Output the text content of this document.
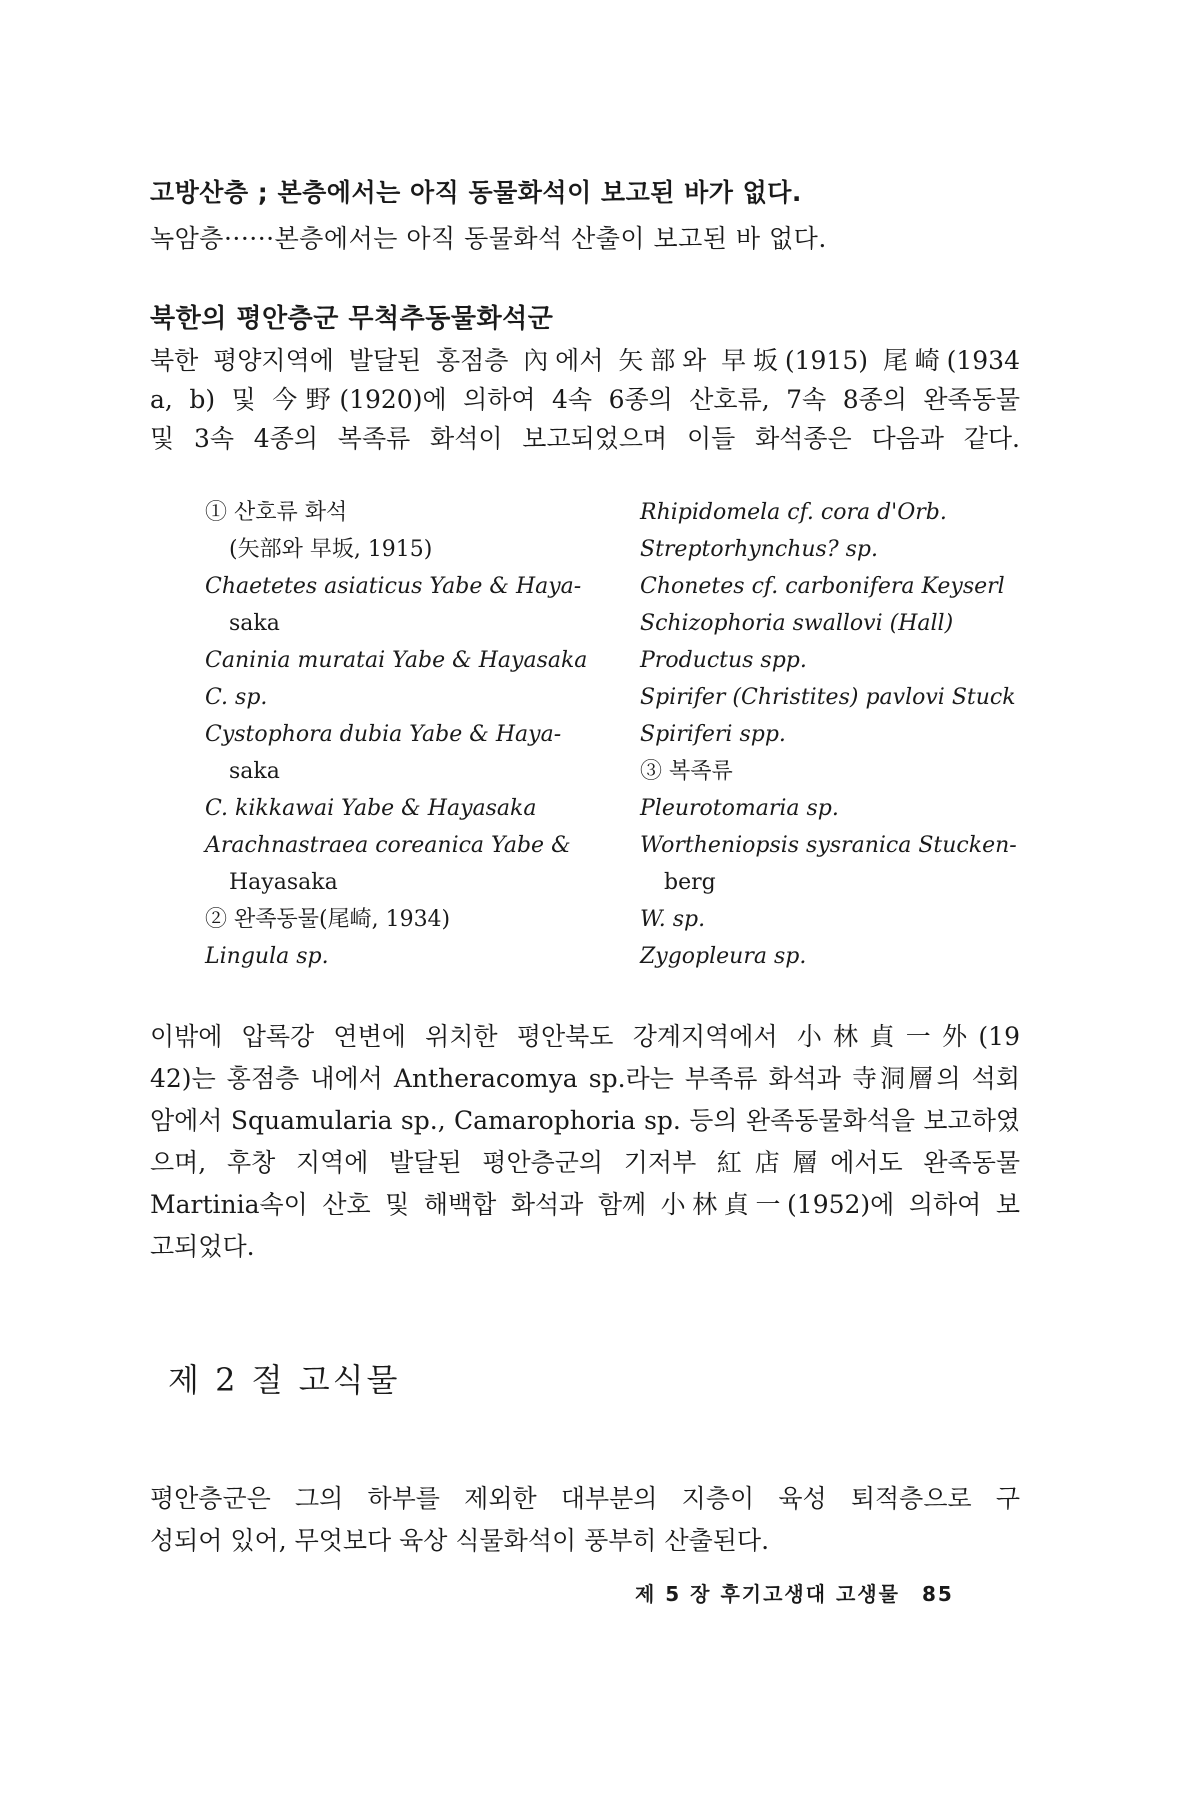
고방산층 ; 본층에서는 아직 동물화석이 보고된 바가 없다.
녹암층······본층에서는 아직 동물화석 산출이 보고된 바 없다.
북한의 평안층군 무척추동물화석군
북한 평양지역에 발달된 홍점층 內에서 矢部와 早坂(1915) 尾崎(1934
a, b) 및 今野(1920)에 의하여 4속 6종의 산호류, 7속 8종의 완족동물
및 3속 4종의 복족류 화석이 보고되었으며 이들 화석종은 다음과 같다.
① 산호류 화석
(矢部와 早坂, 1915)
Chaetetes asiaticus Yabe & Haya-
saka
Caninia muratai Yabe & Hayasaka
C. sp.
Cystophora dubia Yabe & Haya-
saka
C. kikkawai Yabe & Hayasaka
Arachnastraea coreanica Yabe &
Hayasaka
② 완족동물(尾崎, 1934)
Lingula sp.
Rhipidomela cf. cora d'Orb.
Streptorhynchus? sp.
Chonetes cf. carbonifera Keyserl
Schizophoria swallovi (Hall)
Productus spp.
Spirifer (Christites) pavlovi Stuck
Spiriferi spp.
③ 복족류
Pleurotomaria sp.
Wortheniopsis sysranica Stucken-
berg
W. sp.
Zygopleura sp.
이밖에 압록강 연변에 위치한 평안북도 강계지역에서 小林貞一外(19
42)는 홍점층 내에서 Antheracomya sp.라는 부족류 화석과 寺洞層의 석회
암에서 Squamularia sp., Camarophoria sp. 등의 완족동물화석을 보고하였
으며, 후창 지역에 발달된 평안층군의 기저부 紅店層에서도 완족동물
Martinia속이 산호 및 해백합 화석과 함께 小林貞一(1952)에 의하여 보
고되었다.
제 2 절 고식물
평안층군은 그의 하부를 제외한 대부분의 지층이 육성 퇴적층으로 구
성되어 있어, 무엇보다 육상 식물화석이 풍부히 산출된다.
제 5 장 후기고생대 고생물 85
